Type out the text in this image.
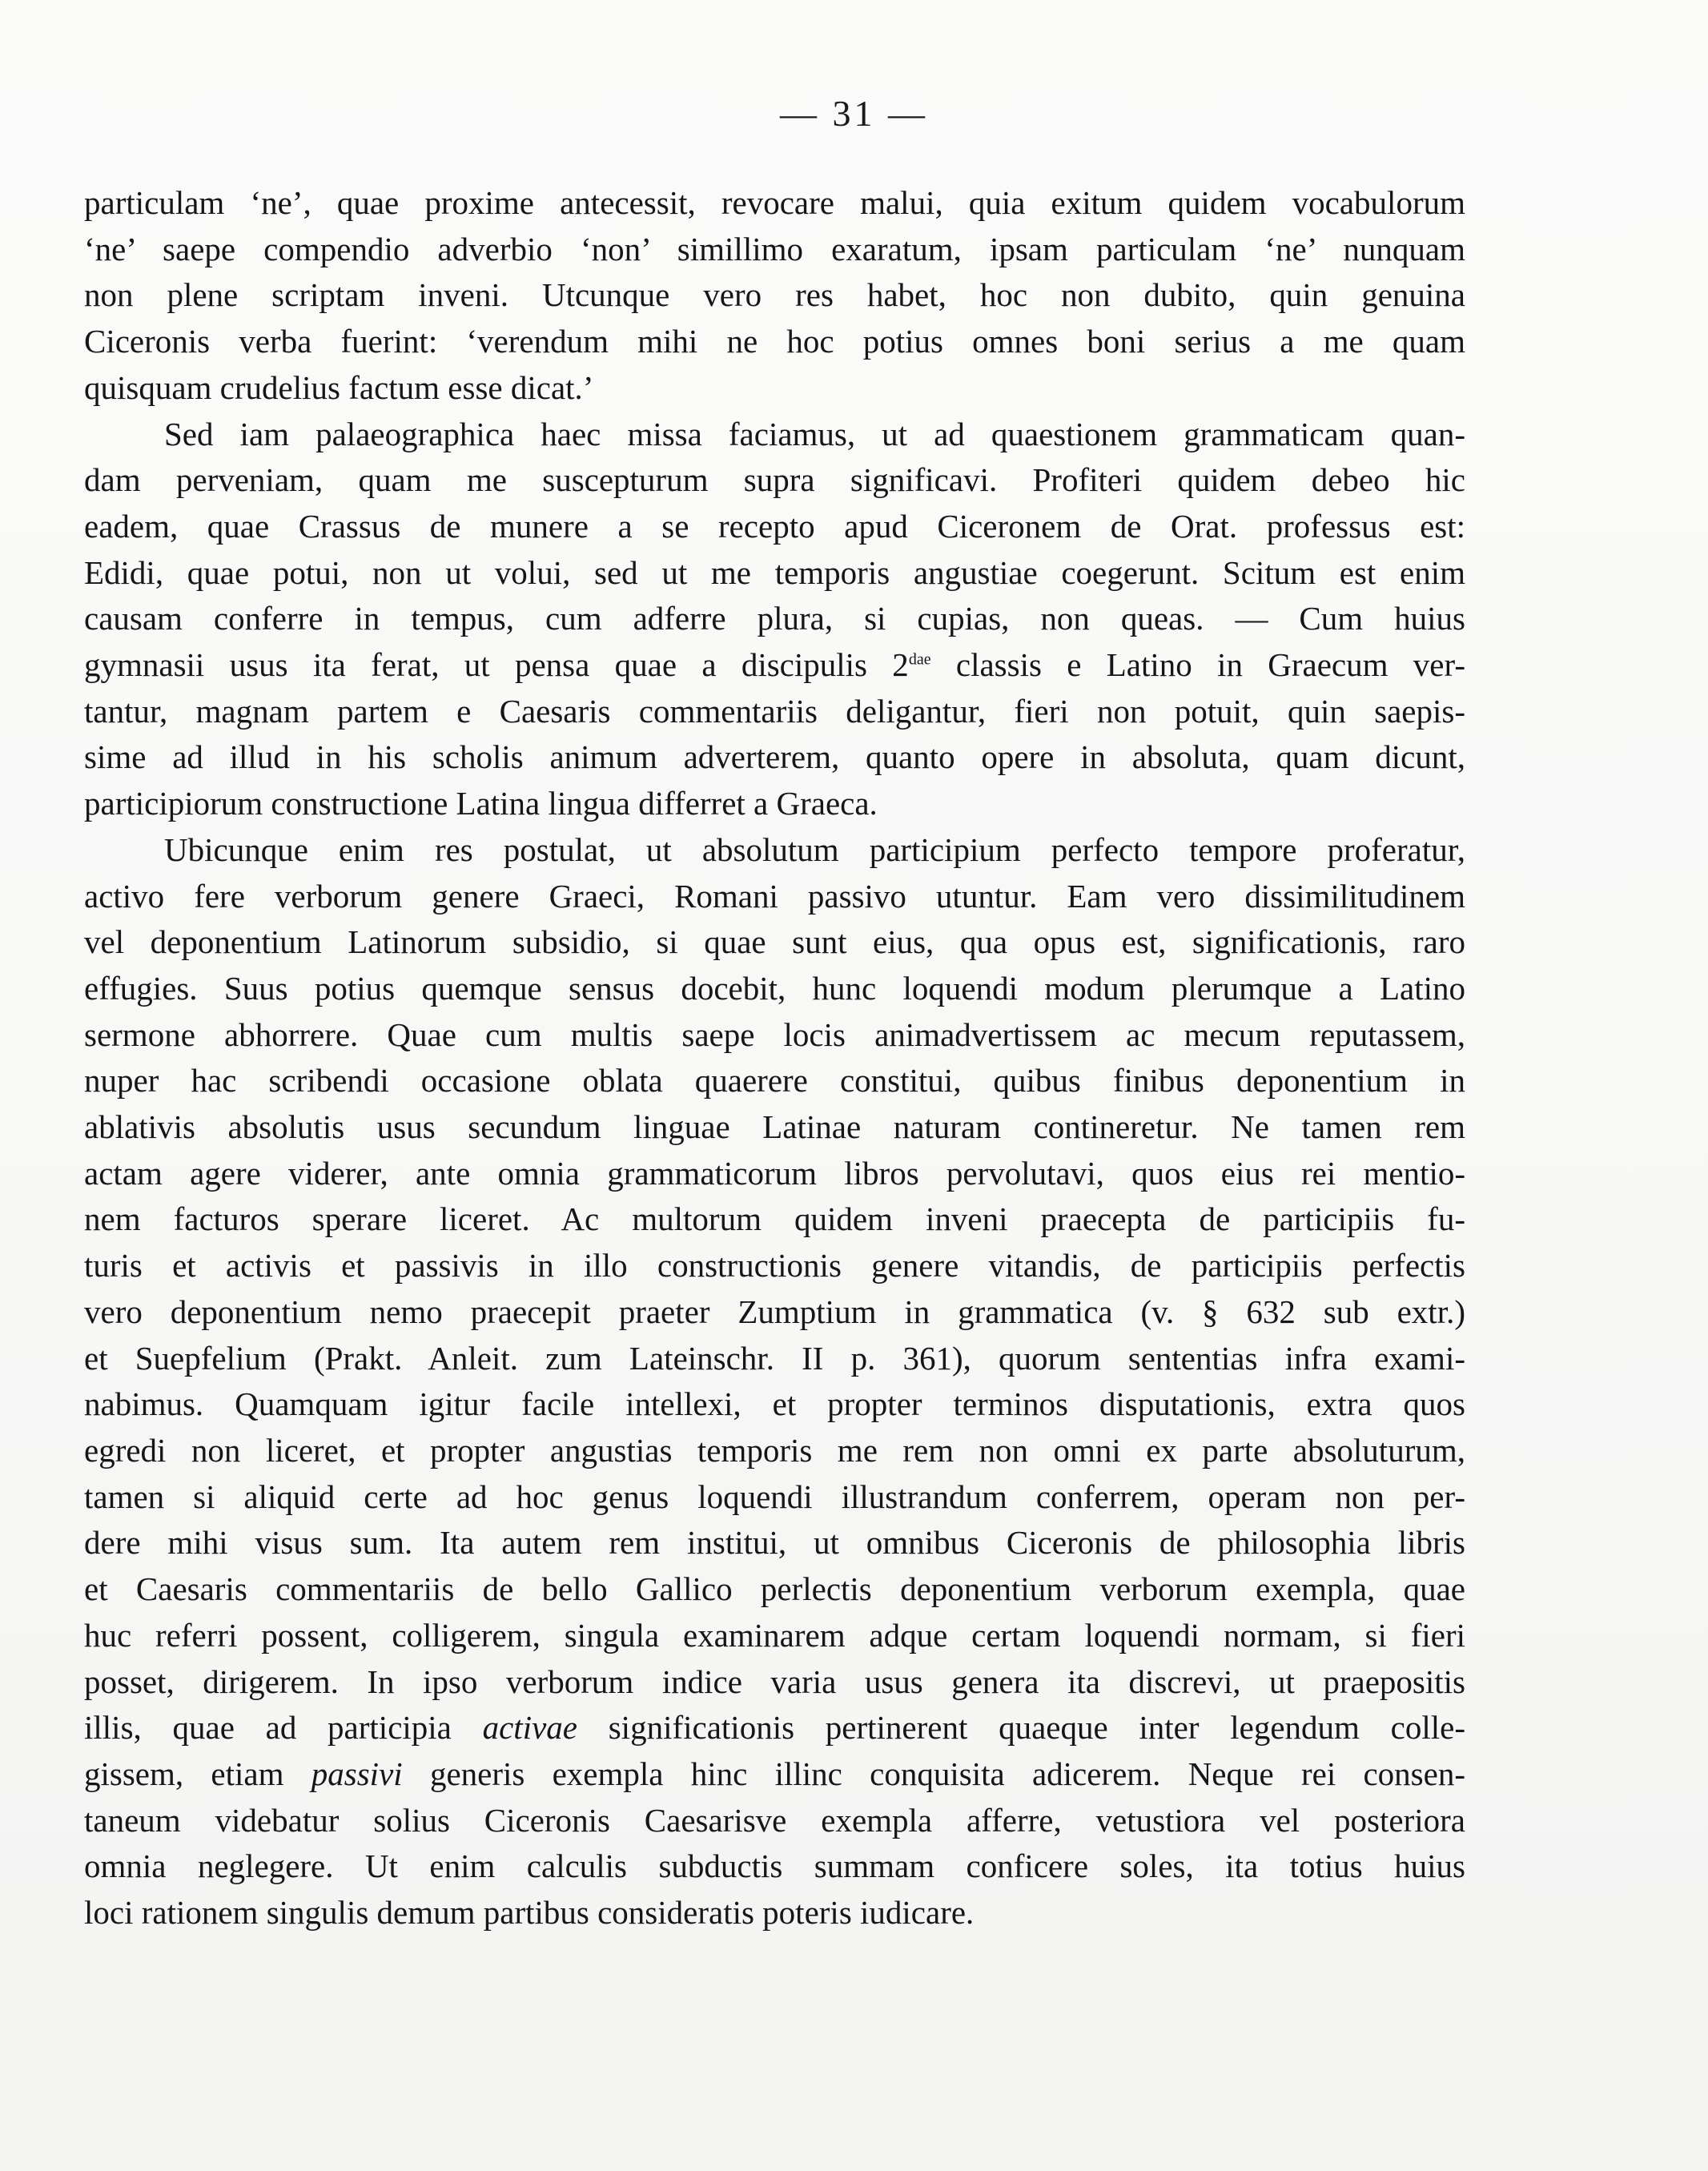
— 31 —
particulam ‘ne’, quae proxime antecessit, revocare malui, quia exitum quidem vocabulorum
‘ne’ saepe compendio adverbio ‘non’ simillimo exaratum, ipsam particulam ‘ne’ nunquam
non plene scriptam inveni. Utcunque vero res habet, hoc non dubito, quin genuina
Ciceronis verba fuerint: ‘verendum mihi ne hoc potius omnes boni serius a me quam
quisquam crudelius factum esse dicat.’
Sed iam palaeographica haec missa faciamus, ut ad quaestionem grammaticam quan-
dam perveniam, quam me suscepturum supra significavi. Profiteri quidem debeo hic
eadem, quae Crassus de munere a se recepto apud Ciceronem de Orat. professus est:
Edidi, quae potui, non ut volui, sed ut me temporis angustiae coegerunt. Scitum est enim
causam conferre in tempus, cum adferre plura, si cupias, non queas. — Cum huius
gymnasii usus ita ferat, ut pensa quae a discipulis $2^{dae}$ classis e Latino in Graecum ver-
tantur, magnam partem e Caesaris commentariis deligantur, fieri non potuit, quin saepis-
sime ad illud in his scholis animum adverterem, quanto opere in absoluta, quam dicunt,
participiorum constructione Latina lingua differret a Graeca.
Ubicunque enim res postulat, ut absolutum participium perfecto tempore proferatur,
activo fere verborum genere Graeci, Romani passivo utuntur. Eam vero dissimilitudinem
vel deponentium Latinorum subsidio, si quae sunt eius, qua opus est, significationis, raro
effugies. Suus potius quemque sensus docebit, hunc loquendi modum plerumque a Latino
sermone abhorrere. Quae cum multis saepe locis animadvertissem ac mecum reputassem,
nuper hac scribendi occasione oblata quaerere constitui, quibus finibus deponentium in
ablativis absolutis usus secundum linguae Latinae naturam contineretur. Ne tamen rem
actam agere viderer, ante omnia grammaticorum libros pervolutavi, quos eius rei mentio-
nem facturos sperare liceret. Ac multorum quidem inveni praecepta de participiis fu-
turis et activis et passivis in illo constructionis genere vitandis, de participiis perfectis
vero deponentium nemo praecepit praeter Zumptium in grammatica (v. § 632 sub extr.)
et Suepfelium (Prakt. Anleit. zum Lateinschr. II p. 361), quorum sententias infra exami-
nabimus. Quamquam igitur facile intellexi, et propter terminos disputationis, extra quos
egredi non liceret, et propter angustias temporis me rem non omni ex parte absoluturum,
tamen si aliquid certe ad hoc genus loquendi illustrandum conferrem, operam non per-
dere mihi visus sum. Ita autem rem institui, ut omnibus Ciceronis de philosophia libris
et Caesaris commentariis de bello Gallico perlectis deponentium verborum exempla, quae
huc referri possent, colligerem, singula examinarem adque certam loquendi normam, si fieri
posset, dirigerem. In ipso verborum indice varia usus genera ita discrevi, ut praepositis
illis, quae ad participia activae significationis pertinerent quaeque inter legendum colle-
gissem, etiam passivi generis exempla hinc illinc conquisita adicerem. Neque rei consen-
taneum videbatur solius Ciceronis Caesarisve exempla afferre, vetustiora vel posteriora
omnia neglegere. Ut enim calculis subductis summam conficere soles, ita totius huius
loci rationem singulis demum partibus consideratis poteris iudicare.
